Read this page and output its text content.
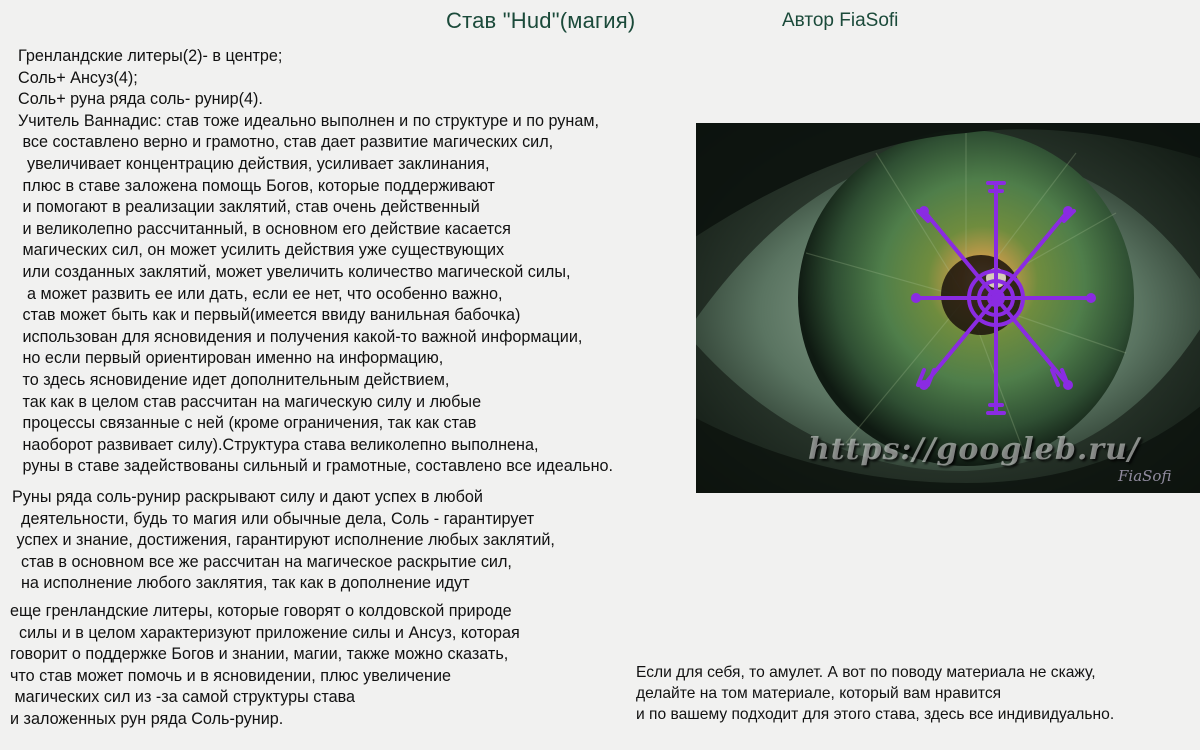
Став "Hud"(магия)	Автор FiaSofi
Гренландские литеры(2)- в центре;
Соль+ Ансуз(4);
Соль+ руна ряда соль- рунир(4).
Учитель Ваннадис: став тоже идеально выполнен и по структуре и по рунам,
все составлено верно и грамотно, став дает развитие магических сил,
увеличивает концентрацию действия, усиливает заклинания,
плюс в ставе заложена помощь Богов, которые поддерживают
и помогают в реализации заклятий, став очень действенный
и великолепно рассчитанный, в основном его действие касается
магических сил, он может усилить действия уже существующих
или созданных заклятий, может увеличить количество магической силы,
а может развить ее или дать, если ее нет, что особенно важно,
став может быть как и первый(имеется ввиду ванильная бабочка)
использован для ясновидения и получения какой-то важной информации,
но если первый ориентирован именно на информацию,
то здесь ясновидение идет дополнительным действием,
так как в целом став рассчитан на магическую силу и любые
процессы связанные с ней (кроме ограничения, так как став
наоборот развивает силу).Структура става великолепно выполнена,
руны в ставе задействованы сильный и грамотные, составлено все идеально.
Руны ряда соль-рунир раскрывают силу и дают успех в любой
деятельности, будь то магия или обычные дела, Соль - гарантирует
успех и знание, достижения, гарантируют исполнение любых заклятий,
став в основном все же рассчитан на магическое раскрытие сил,
на исполнение любого заклятия, так как в дополнение идут
еще гренландские литеры, которые говорят о колдовской природе
силы и в целом характеризуют приложение силы и Ансуз, которая
говорит о поддержке Богов и знании, магии, также можно сказать,
что став может помочь и в ясновидении, плюс увеличение
магических сил из -за самой структуры става
и заложенных рун ряда Соль-рунир.
Если для себя, то амулет. А вот по поводу материала не скажу,
делайте на том материале, который вам нравится
и по вашему подходит для этого става, здесь все индивидуально.
https://googleb.ru/
FiaSofi
